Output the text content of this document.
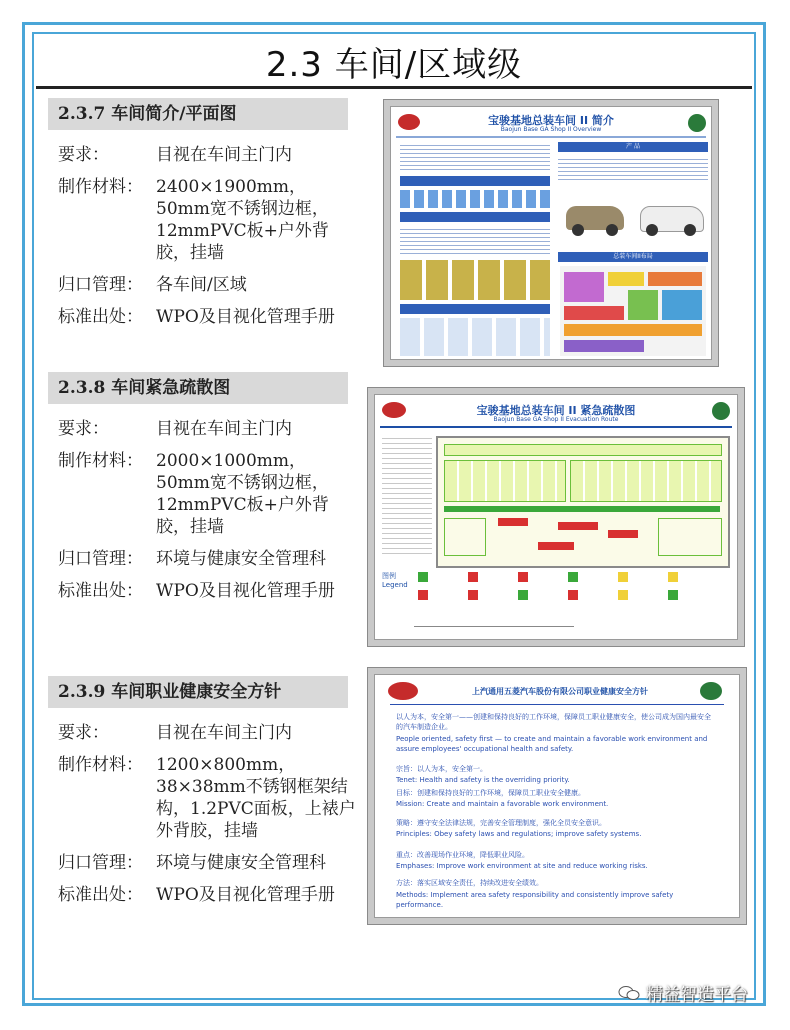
2.3 车间/区域级
2.3.7 车间简介/平面图
要求：	目视在车间主门内
制作材料： 2400×1900mm，50mm宽不锈钢边框，12mmPVC板+户外背胶，挂墙
归口管理： 各车间/区域
标准出处： WPO及目视化管理手册
2.3.8 车间紧急疏散图
要求：	目视在车间主门内
制作材料： 2000×1000mm，50mm宽不锈钢边框，12mmPVC板+户外背胶，挂墙
归口管理： 环境与健康安全管理科
标准出处： WPO及目视化管理手册
2.3.9 车间职业健康安全方针
要求：	目视在车间主门内
制作材料： 1200×800mm，38×38mm不锈钢框架结构，1.2PVC面板，上裱户外背胶，挂墙
归口管理： 环境与健康安全管理科
标准出处： WPO及目视化管理手册
宝骏基地总装车间 II 简介
Baojun Base GA Shop II Overview
产 品
总装车间II布局
宝骏基地总装车间 II 紧急疏散图
Baojun Base GA Shop II Evacuation Route
图例
Legend
上汽通用五菱汽车股份有限公司职业健康安全方针
以人为本，安全第一——创建和保持良好的工作环境，保障员工职业健康安全，使公司成为国内最安全的汽车制造企业。
People oriented, safety first — to create and maintain a favorable work environment and assure employees' occupational health and safety.
宗旨：以人为本，安全第一。
Tenet: Health and safety is the overriding priority.
目标：创建和保持良好的工作环境，保障员工职业安全健康。
Mission: Create and maintain a favorable work environment.
策略：遵守安全法律法规，完善安全管理制度，强化全员安全意识。
Principles: Obey safety laws and regulations; improve safety systems.
重点：改善现场作业环境，降低职业风险。
Emphases: Improve work environment at site and reduce working risks.
方法：落实区域安全责任，持续改进安全绩效。
Methods: Implement area safety responsibility and consistently improve safety performance.
精益智造平台
